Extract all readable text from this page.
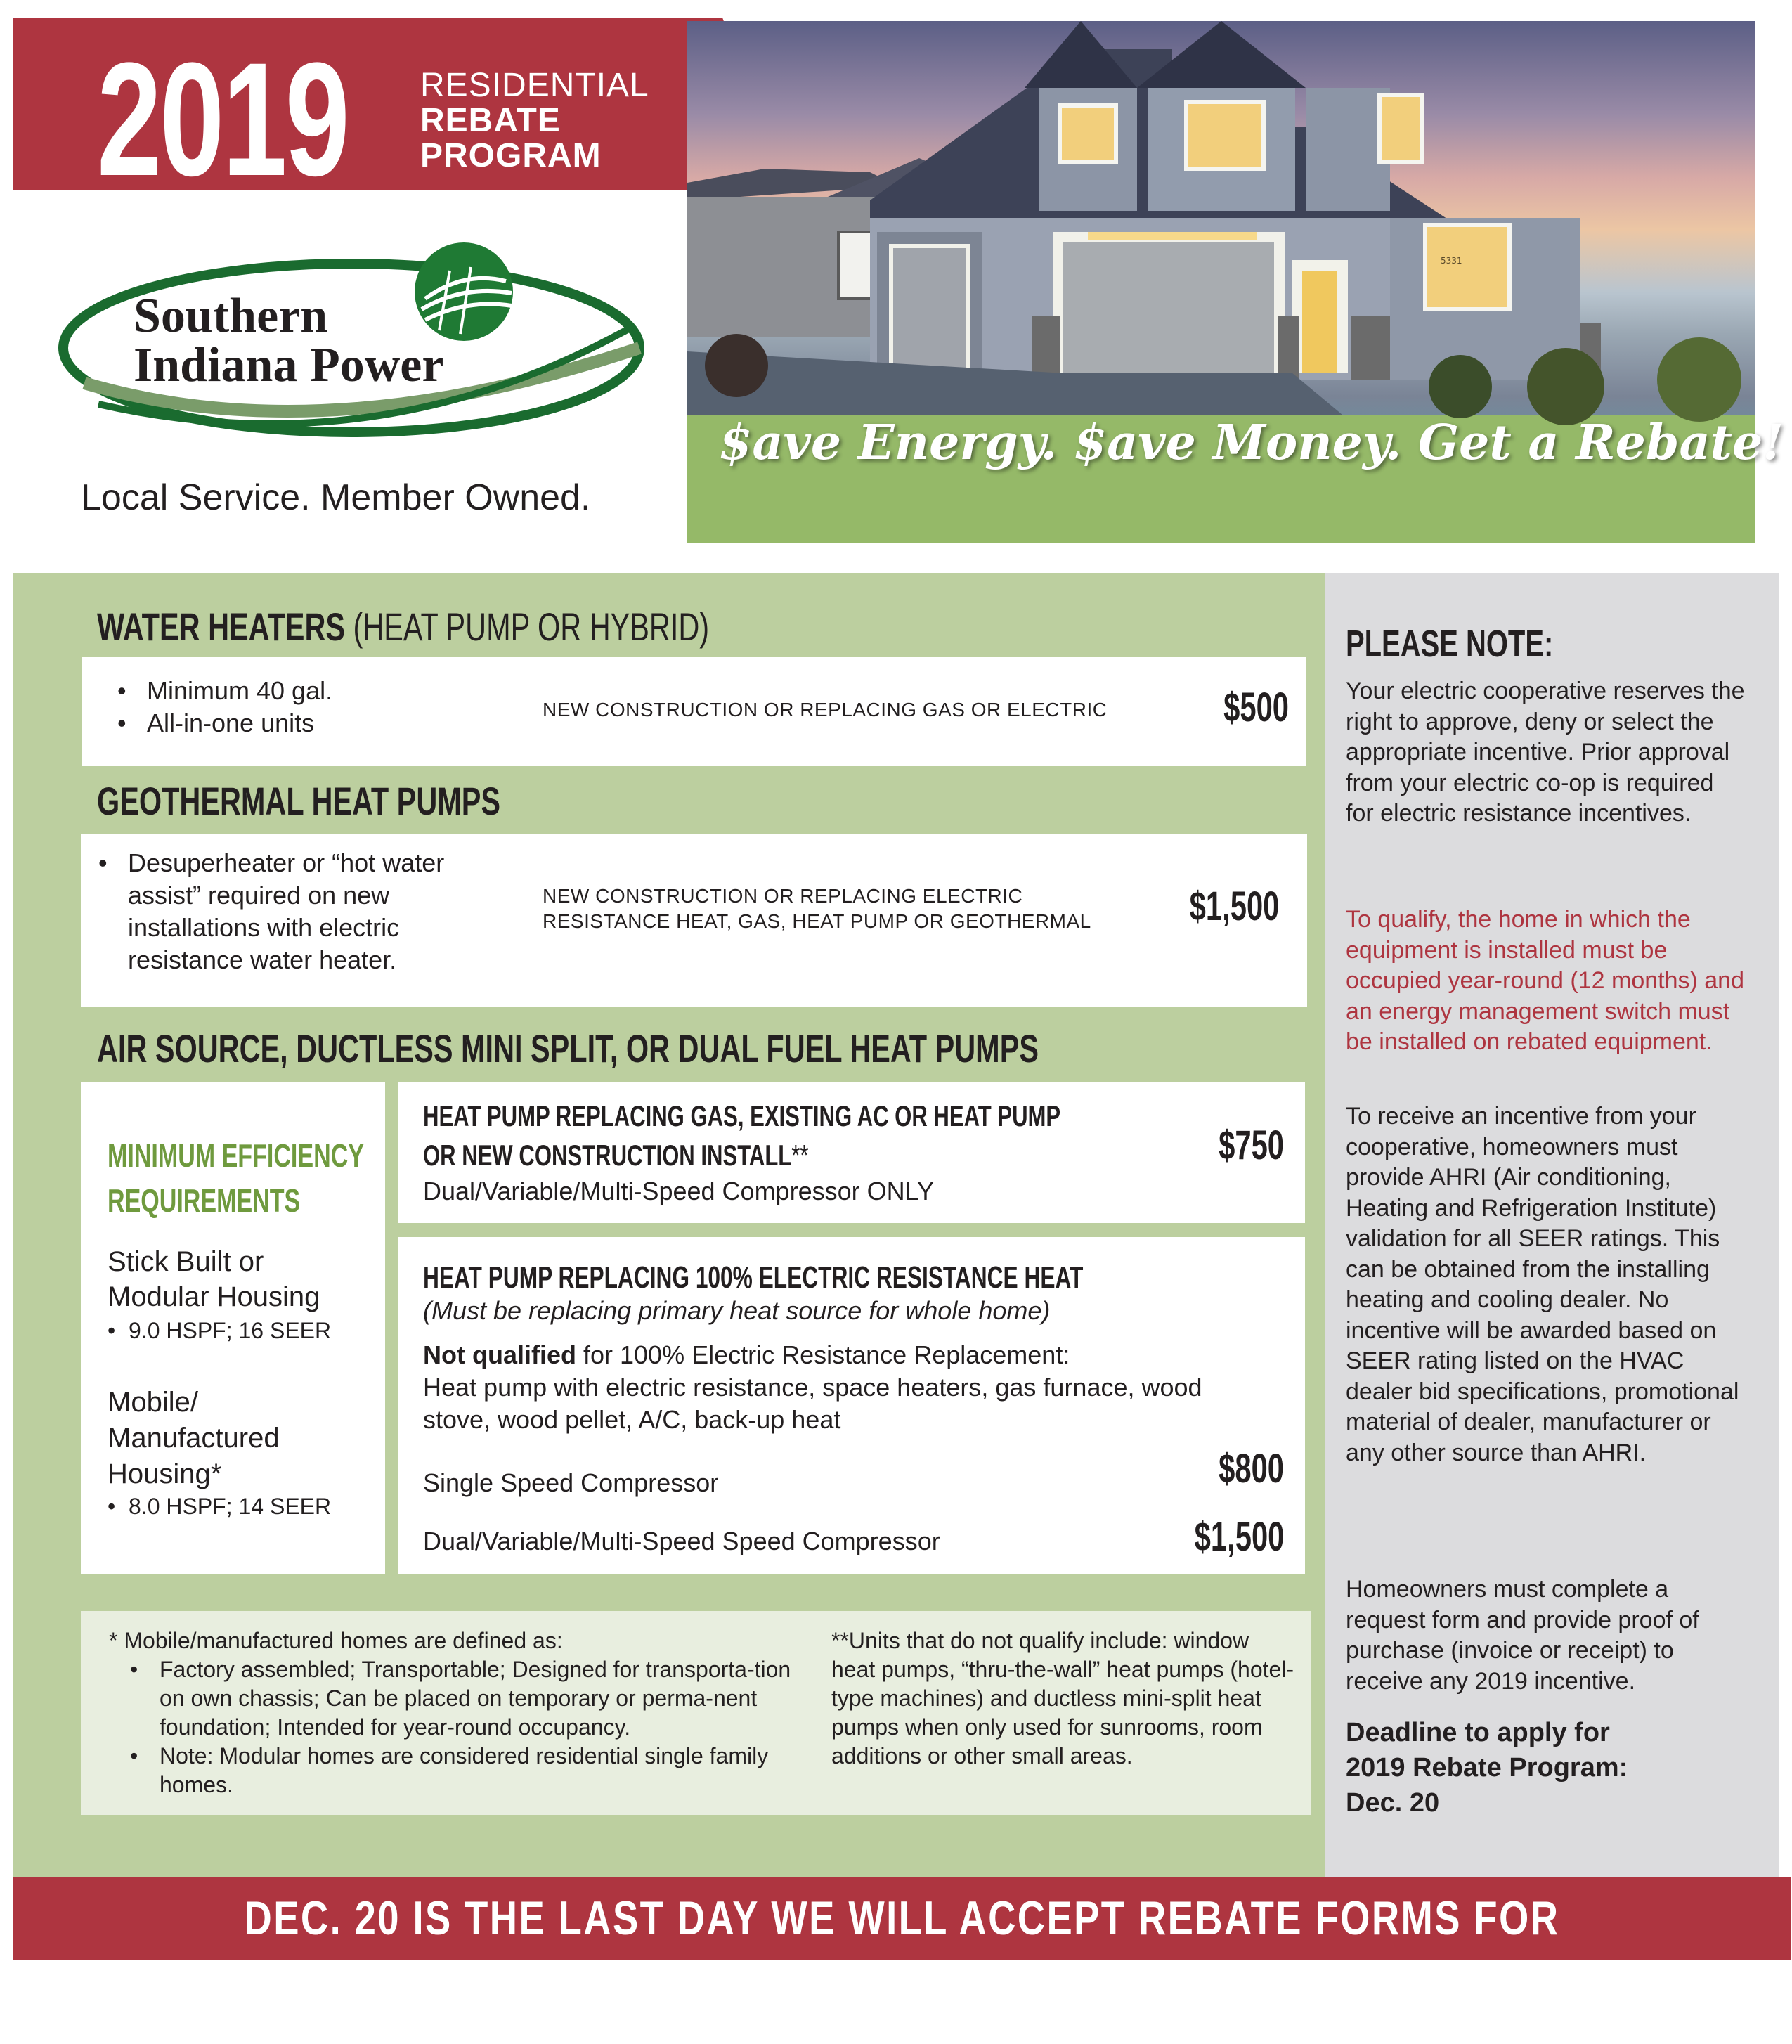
2019 RESIDENTIAL
REBATE
PROGRAM
5331
$ave Energy. $ave Money. Get a Rebate!
Southern
Indiana Power
Local Service. Member Owned.
WATER HEATERS (HEAT PUMP OR HYBRID)
• Minimum 40 gal.
• All-in-one units	NEW CONSTRUCTION OR REPLACING GAS OR ELECTRIC	$500
GEOTHERMAL HEAT PUMPS
• Desuperheater or “hot water assist” required on new installations with electric resistance water heater.
NEW CONSTRUCTION OR REPLACING ELECTRIC
RESISTANCE HEAT, GAS, HEAT PUMP OR GEOTHERMAL $1,500
AIR SOURCE, DUCTLESS MINI SPLIT, OR DUAL FUEL HEAT PUMPS
MINIMUM EFFICIENCY
REQUIREMENTS
Stick Built or
Modular Housing
• 9.0 HSPF; 16 SEER
Mobile/
Manufactured
Housing*
• 8.0 HSPF; 14 SEER
HEAT PUMP REPLACING GAS, EXISTING AC OR HEAT PUMP
OR NEW CONSTRUCTION INSTALL**
Dual/Variable/Multi-Speed Compressor ONLY
$750
HEAT PUMP REPLACING 100% ELECTRIC RESISTANCE HEAT
(Must be replacing primary heat source for whole home)
Not qualified for 100% Electric Resistance Replacement:
Heat pump with electric resistance, space heaters, gas furnace, wood stove, wood pellet, A/C, back-up heat
Single Speed Compressor	$800
Dual/Variable/Multi-Speed Speed Compressor	$1,500
* Mobile/manufactured homes are defined as:
• Factory assembled; Transportable; Designed for transporta-tion on own chassis; Can be placed on temporary or perma-nent foundation; Intended for year-round occupancy.
• Note: Modular homes are considered residential single family homes.
**Units that do not qualify include: window heat pumps, “thru-the-wall” heat pumps (hotel-type machines) and ductless mini-split heat pumps when only used for sunrooms, room additions or other small areas.
PLEASE NOTE:
Your electric cooperative reserves the right to approve, deny or select the appropriate incentive. Prior approval from your electric co-op is required for electric resistance incentives.
To qualify, the home in which the equipment is installed must be occupied year-round (12 months) and an energy management switch must be installed on rebated equipment.
To receive an incentive from your cooperative, homeowners must provide AHRI (Air conditioning, Heating and Refrigeration Institute) validation for all SEER ratings. This can be obtained from the installing heating and cooling dealer. No incentive will be awarded based on SEER rating listed on the HVAC dealer bid specifications, promotional material of dealer, manufacturer or any other source than AHRI.
Homeowners must complete a request form and provide proof of purchase (invoice or receipt) to receive any 2019 incentive.
Deadline to apply for
2019 Rebate Program:
Dec. 20
DEC. 20 IS THE LAST DAY WE WILL ACCEPT REBATE FORMS FOR 2019.
